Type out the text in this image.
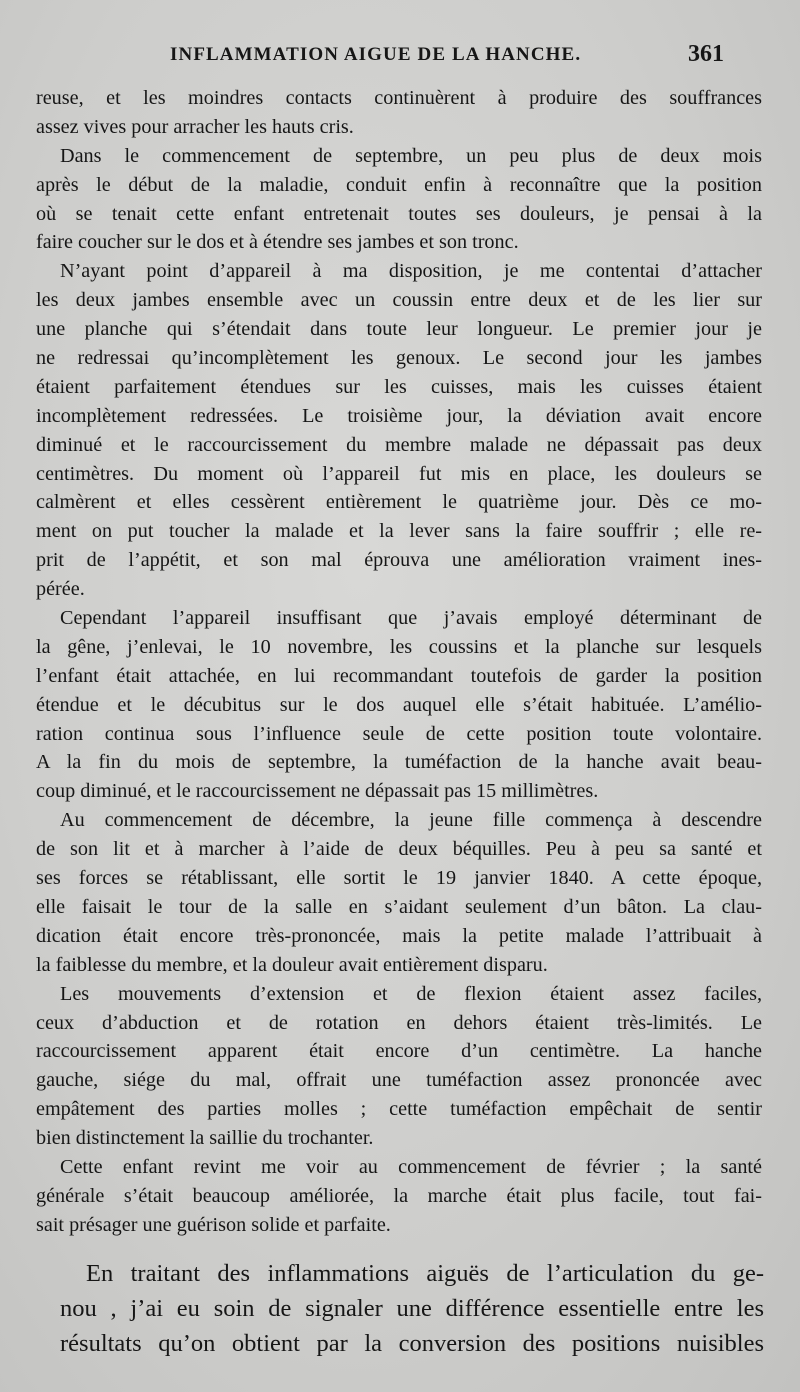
INFLAMMATION AIGUE DE LA HANCHE.	361
reuse, et les moindres contacts continuèrent à produire des souffrances
assez vives pour arracher les hauts cris.
Dans le commencement de septembre, un peu plus de deux mois
après le début de la maladie, conduit enfin à reconnaître que la position
où se tenait cette enfant entretenait toutes ses douleurs, je pensai à la
faire coucher sur le dos et à étendre ses jambes et son tronc.
N’ayant point d’appareil à ma disposition, je me contentai d’attacher
les deux jambes ensemble avec un coussin entre deux et de les lier sur
une planche qui s’étendait dans toute leur longueur. Le premier jour je
ne redressai qu’incomplètement les genoux. Le second jour les jambes
étaient parfaitement étendues sur les cuisses, mais les cuisses étaient
incomplètement redressées. Le troisième jour, la déviation avait encore
diminué et le raccourcissement du membre malade ne dépassait pas deux
centimètres. Du moment où l’appareil fut mis en place, les douleurs se
calmèrent et elles cessèrent entièrement le quatrième jour. Dès ce mo-
ment on put toucher la malade et la lever sans la faire souffrir ; elle re-
prit de l’appétit, et son mal éprouva une amélioration vraiment ines-
pérée.
Cependant l’appareil insuffisant que j’avais employé déterminant de
la gêne, j’enlevai, le 10 novembre, les coussins et la planche sur lesquels
l’enfant était attachée, en lui recommandant toutefois de garder la position
étendue et le décubitus sur le dos auquel elle s’était habituée. L’amélio-
ration continua sous l’influence seule de cette position toute volontaire.
A la fin du mois de septembre, la tuméfaction de la hanche avait beau-
coup diminué, et le raccourcissement ne dépassait pas 15 millimètres.
Au commencement de décembre, la jeune fille commença à descendre
de son lit et à marcher à l’aide de deux béquilles. Peu à peu sa santé et
ses forces se rétablissant, elle sortit le 19 janvier 1840. A cette époque,
elle faisait le tour de la salle en s’aidant seulement d’un bâton. La clau-
dication était encore très-prononcée, mais la petite malade l’attribuait à
la faiblesse du membre, et la douleur avait entièrement disparu.
Les mouvements d’extension et de flexion étaient assez faciles,
ceux d’abduction et de rotation en dehors étaient très-limités. Le
raccourcissement apparent était encore d’un centimètre. La hanche
gauche, siége du mal, offrait une tuméfaction assez prononcée avec
empâtement des parties molles ; cette tuméfaction empêchait de sentir
bien distinctement la saillie du trochanter.
Cette enfant revint me voir au commencement de février ; la santé
générale s’était beaucoup améliorée, la marche était plus facile, tout fai-
sait présager une guérison solide et parfaite.
En traitant des inflammations aiguës de l’articulation du ge-
nou , j’ai eu soin de signaler une différence essentielle entre les
résultats qu’on obtient par la conversion des positions nuisibles
